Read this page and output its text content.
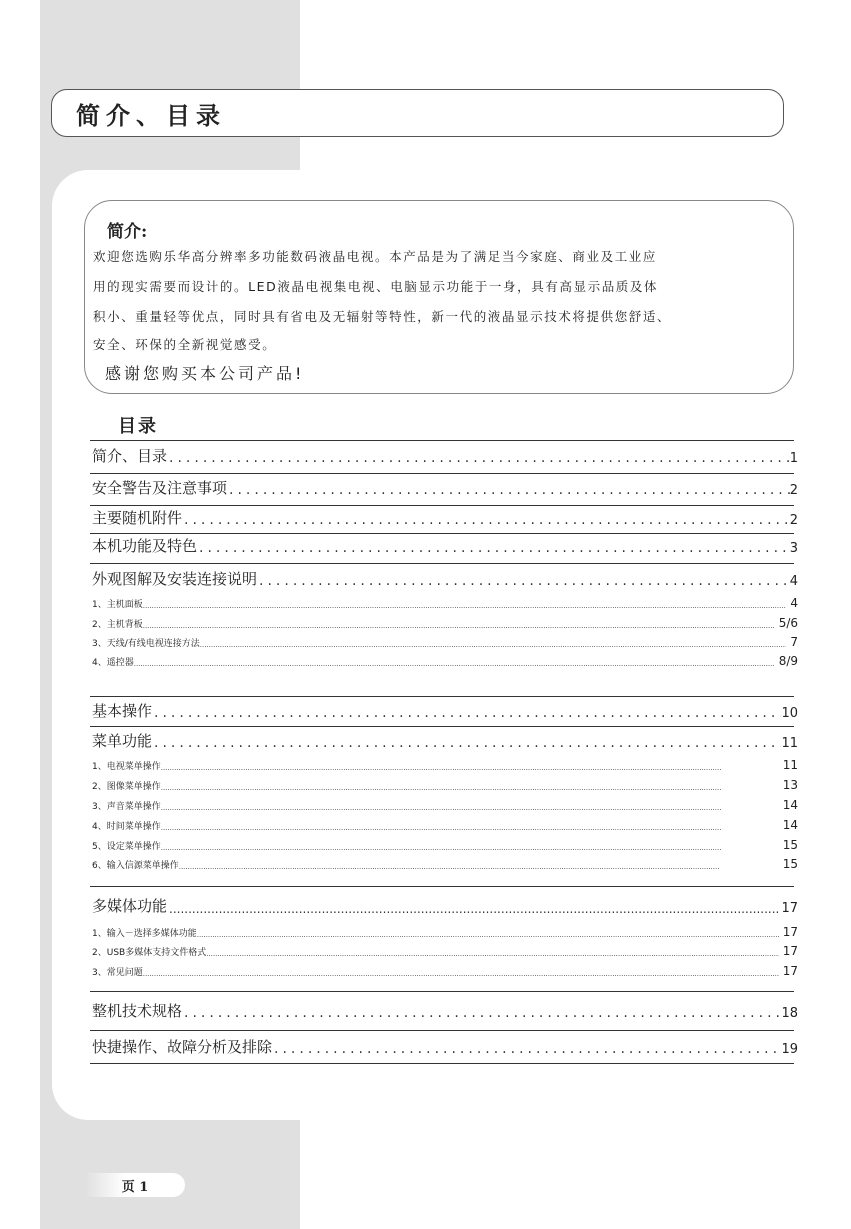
简介、目录
简介:
欢迎您选购乐华高分辨率多功能数码液晶电视。本产品是为了满足当今家庭、商业及工业应
用的现实需要而设计的。LED液晶电视集电视、电脑显示功能于一身，具有高显示品质及体
积小、重量轻等优点，同时具有省电及无辐射等特性，新一代的液晶显示技术将提供您舒适、
安全、环保的全新视觉感受。
感谢您购买本公司产品!
目录
简介、目录 .....	1
安全警告及注意事项 .....	2
主要随机附件 .....	2
本机功能及特色 .....	3
外观图解及安装连接说明 .....	4
1、主机面板 .....	4
2、主机背板 .....	5/6
3、天线/有线电视连接方法 .....	7
4、遥控器 .....	8/9
基本操作 .....	10
菜单功能 .....	11
1、电视菜单操作 .....	11
2、图像菜单操作 .....	13
3、声音菜单操作 .....	14
4、时间菜单操作 .....	14
5、设定菜单操作 .....	15
6、输入信源菜单操作 .....	15
多媒体功能 .....	17
1、输入－选择多媒体功能 .....	17
2、USB多媒体支持文件格式 .....	17
3、常见问题 .....	17
整机技术规格 .....	18
快捷操作、故障分析及排除 .....	19
页 1
